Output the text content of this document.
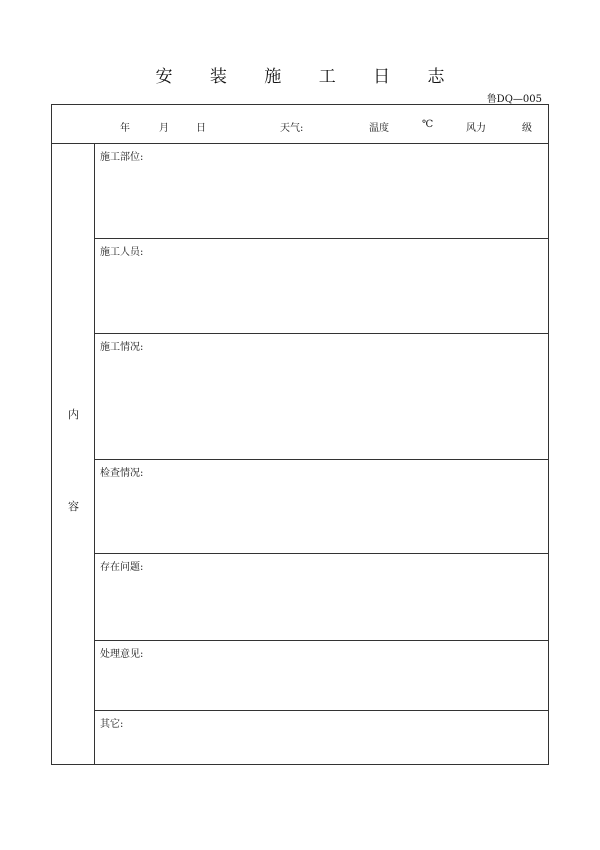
安 装 施 工 日 志
鲁DQ—005
年	月	日	天气:	温度	℃	风力	级
内
容
施工部位:
施工人员:
施工情况:
检查情况:
存在问题:
处理意见:
其它:
